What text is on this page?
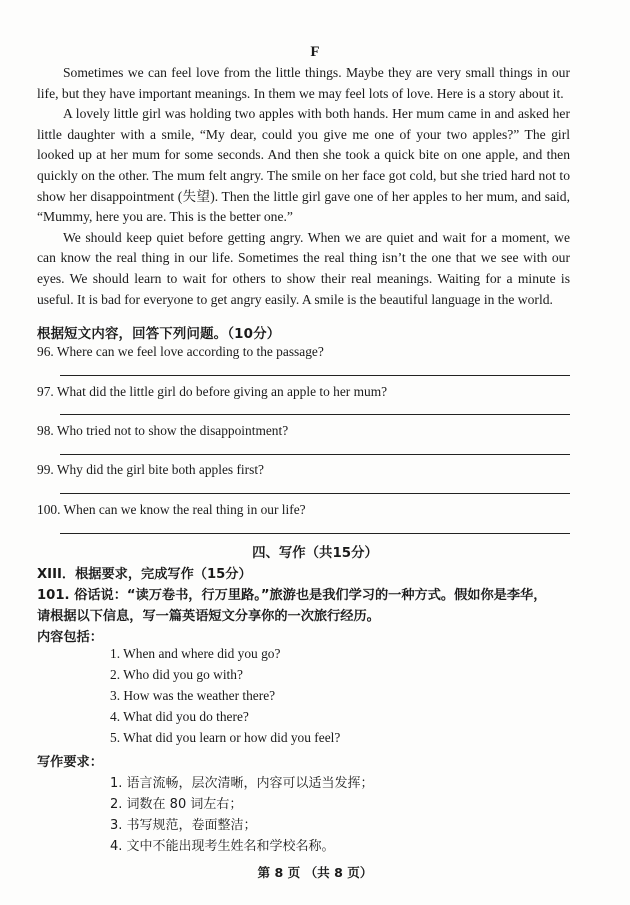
F

Sometimes we can feel love from the little things. Maybe they are very small things in our life, but they have important meanings. In them we may feel lots of love. Here is a story about it.

A lovely little girl was holding two apples with both hands. Her mum came in and asked her little daughter with a smile, “My dear, could you give me one of your two apples?” The girl looked up at her mum for some seconds. And then she took a quick bite on one apple, and then quickly on the other. The mum felt angry. The smile on her face got cold, but she tried hard not to show her disappointment (失望). Then the little girl gave one of her apples to her mum, and said, “Mummy, here you are. This is the better one.”

We should keep quiet before getting angry. When we are quiet and wait for a moment, we can know the real thing in our life. Sometimes the real thing isn’t the one that we see with our eyes. We should learn to wait for others to show their real meanings. Waiting for a minute is useful. It is bad for everyone to get angry easily. A smile is the beautiful language in the world.

根据短文内容，回答下列问题。（10分）
96. Where can we feel love according to the passage?
97. What did the little girl do before giving an apple to her mum?
98. Who tried not to show the disappointment?
99. Why did the girl bite both apples first?
100. When can we know the real thing in our life?
四、写作（共15分）
XIII．根据要求，完成写作（15分）
101. 俗话说：“读万卷书，行万里路。”旅游也是我们学习的一种方式。假如你是李华，
请根据以下信息，写一篇英语短文分享你的一次旅行经历。
内容包括：
1. When and where did you go?
2. Who did you go with?
3. How was the weather there?
4. What did you do there?
5. What did you learn or how did you feel?
写作要求：
1. 语言流畅，层次清晰，内容可以适当发挥；
2. 词数在 80 词左右；
3. 书写规范，卷面整洁；
4. 文中不能出现考生姓名和学校名称。
第 8 页 （共 8 页）
